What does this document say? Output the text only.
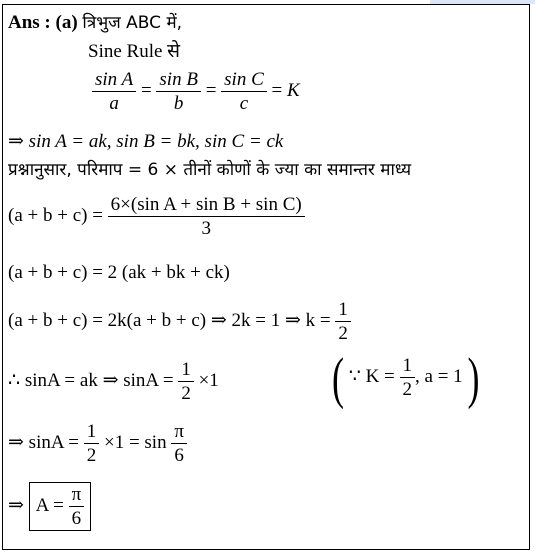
Ans : (a) त्रिभुज ABC में,
Sine Rule से
$\frac{\text{sin A}}{a} = \frac{\text{sin B}}{b} = \frac{\text{sin C}}{c} = K$
⇒ sin A = ak, sin B = bk, sin C = ck
प्रश्नानुसार, परिमाप = 6 × तीनों कोणों के ज्या का समान्तर माध्य
$(a + b + c) = \frac{\text{6×(sin A + sin B + sin C)}}{3}$
(a + b + c) = 2 (ak + bk + ck)
(a + b + c) = 2k(a + b + c) ⇒ 2k = 1 ⇒ $k = \frac{1}{2}$
∴ sinA = ak ⇒ $\sin A = \frac{1}{2} \times 1$	( ∵ $K = \frac{1}{2}$ , a = 1 )
⇒ $\sin A = \frac{1}{2} \times 1 = \sin \frac{\pi}{6}$
⇒ $A = \frac{\pi}{6}$
